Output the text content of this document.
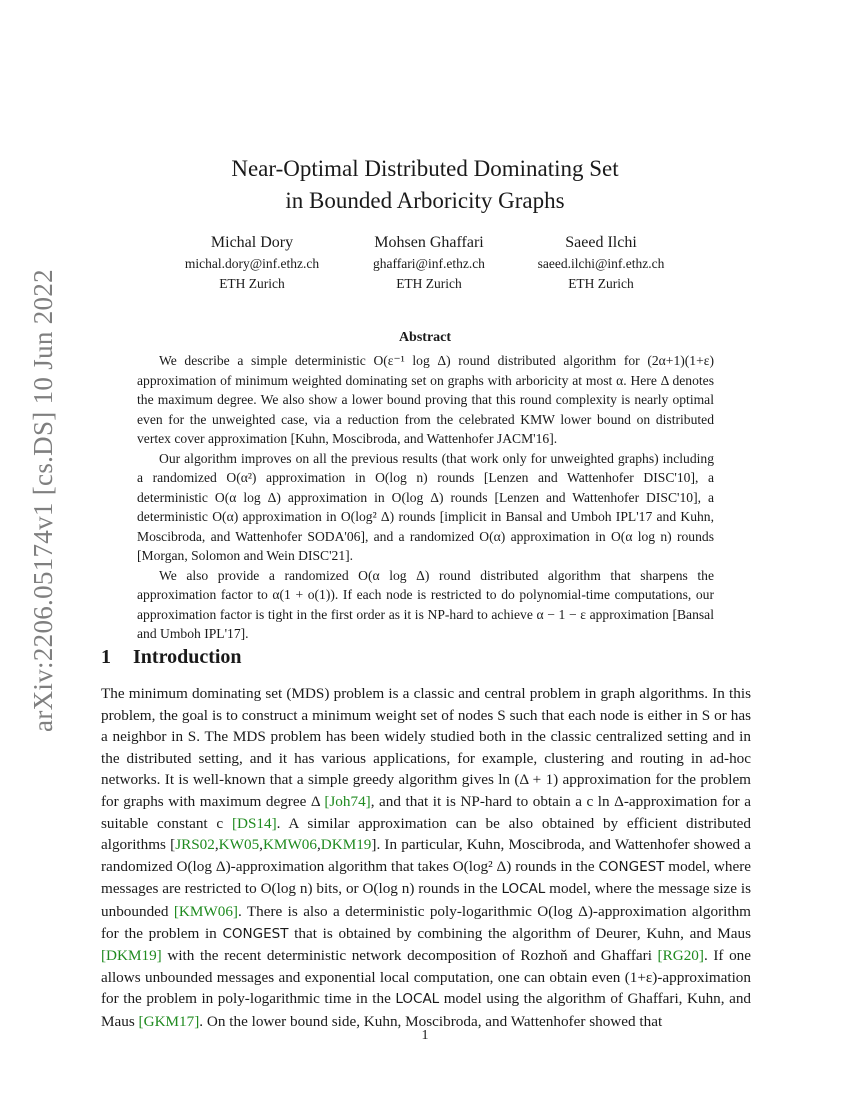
arXiv:2206.05174v1 [cs.DS] 10 Jun 2022
Near-Optimal Distributed Dominating Set
in Bounded Arboricity Graphs
Michal Dory
michal.dory@inf.ethz.ch
ETH Zurich
Mohsen Ghaffari
ghaffari@inf.ethz.ch
ETH Zurich
Saeed Ilchi
saeed.ilchi@inf.ethz.ch
ETH Zurich
Abstract

We describe a simple deterministic O(ε⁻¹ log Δ) round distributed algorithm for (2α+1)(1+ε) approximation of minimum weighted dominating set on graphs with arboricity at most α. Here Δ denotes the maximum degree. We also show a lower bound proving that this round complexity is nearly optimal even for the unweighted case, via a reduction from the celebrated KMW lower bound on distributed vertex cover approximation [Kuhn, Moscibroda, and Wattenhofer JACM'16].

Our algorithm improves on all the previous results (that work only for unweighted graphs) including a randomized O(α²) approximation in O(log n) rounds [Lenzen and Wattenhofer DISC'10], a deterministic O(α log Δ) approximation in O(log Δ) rounds [Lenzen and Wattenhofer DISC'10], a deterministic O(α) approximation in O(log² Δ) rounds [implicit in Bansal and Umboh IPL'17 and Kuhn, Moscibroda, and Wattenhofer SODA'06], and a randomized O(α) approximation in O(α log n) rounds [Morgan, Solomon and Wein DISC'21].

We also provide a randomized O(α log Δ) round distributed algorithm that sharpens the approximation factor to α(1 + o(1)). If each node is restricted to do polynomial-time computations, our approximation factor is tight in the first order as it is NP-hard to achieve α − 1 − ε approximation [Bansal and Umboh IPL'17].

1 Introduction

The minimum dominating set (MDS) problem is a classic and central problem in graph algorithms. In this problem, the goal is to construct a minimum weight set of nodes S such that each node is either in S or has a neighbor in S. The MDS problem has been widely studied both in the classic centralized setting and in the distributed setting, and it has various applications, for example, clustering and routing in ad-hoc networks. It is well-known that a simple greedy algorithm gives ln (Δ + 1) approximation for the problem for graphs with maximum degree Δ [Joh74], and that it is NP-hard to obtain a c ln Δ-approximation for a suitable constant c [DS14]. A similar approximation can be also obtained by efficient distributed algorithms [JRS02,KW05,KMW06,DKM19]. In particular, Kuhn, Moscibroda, and Wattenhofer showed a randomized O(log Δ)-approximation algorithm that takes O(log² Δ) rounds in the CONGEST model, where messages are restricted to O(log n) bits, or O(log n) rounds in the LOCAL model, where the message size is unbounded [KMW06]. There is also a deterministic poly-logarithmic O(log Δ)-approximation algorithm for the problem in CONGEST that is obtained by combining the algorithm of Deurer, Kuhn, and Maus [DKM19] with the recent deterministic network decomposition of Rozhoň and Ghaffari [RG20]. If one allows unbounded messages and exponential local computation, one can obtain even (1+ε)-approximation for the problem in poly-logarithmic time in the LOCAL model using the algorithm of Ghaffari, Kuhn, and Maus [GKM17]. On the lower bound side, Kuhn, Moscibroda, and Wattenhofer showed that

1
